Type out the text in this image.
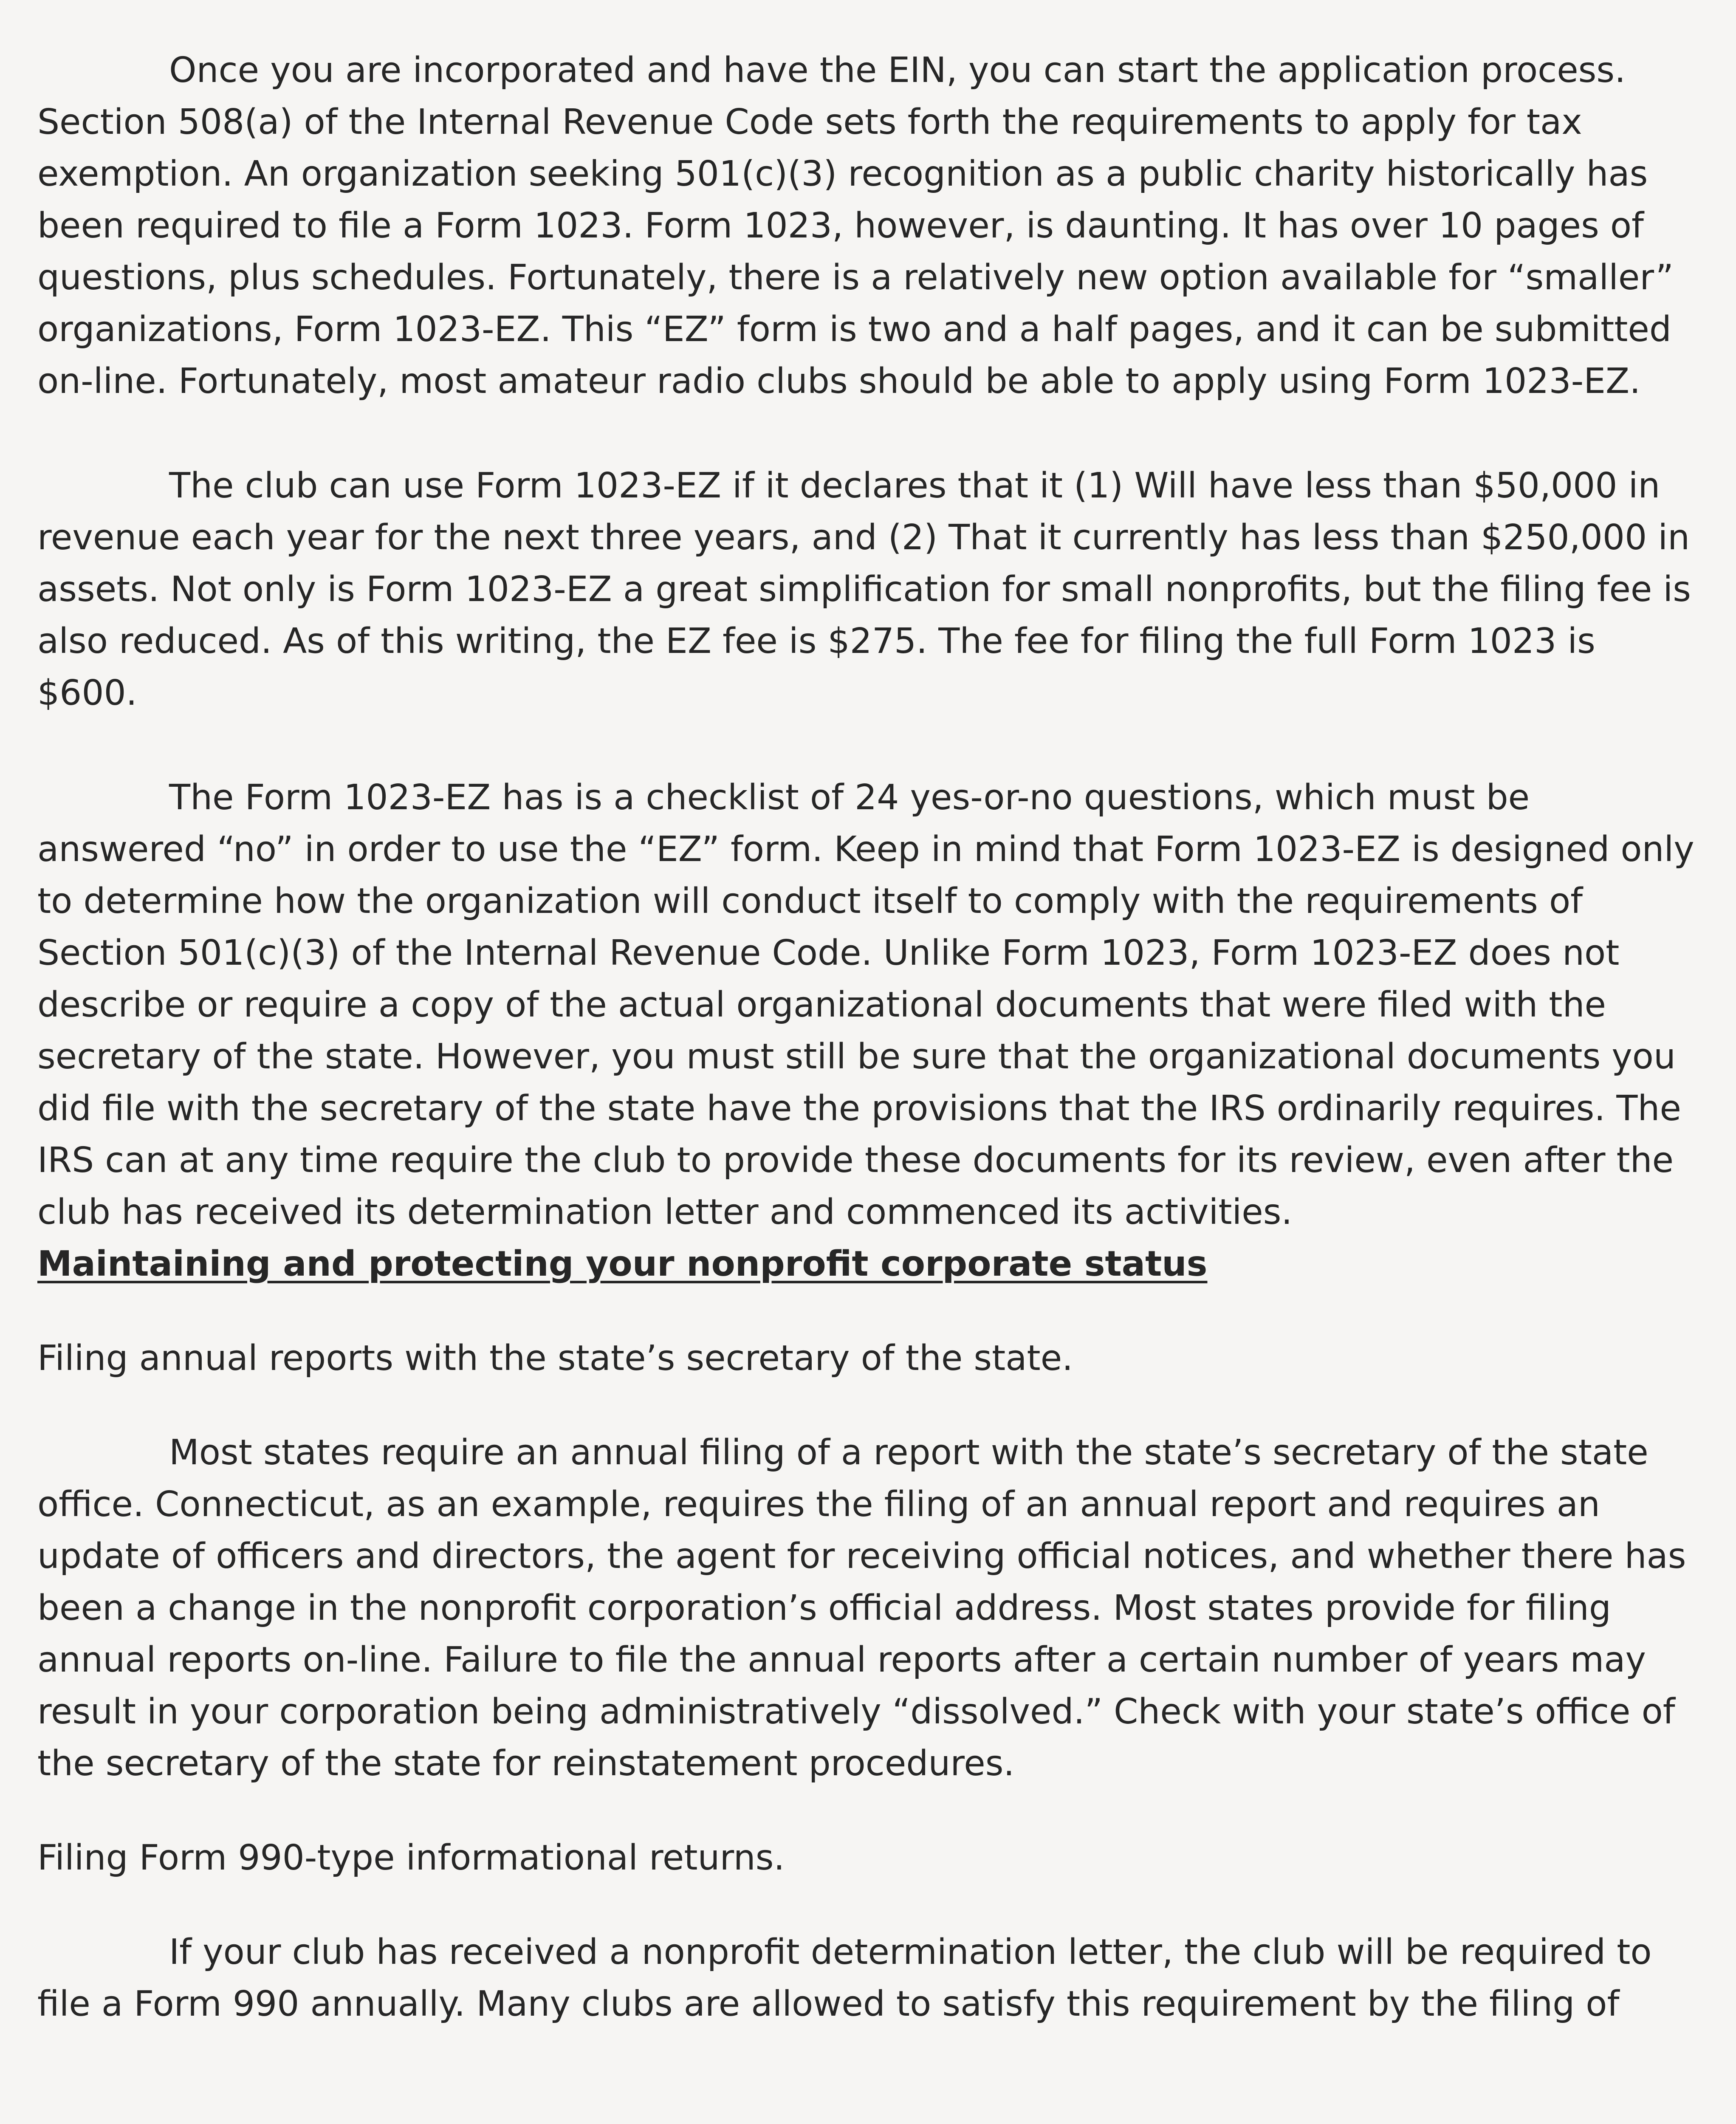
Once you are incorporated and have the EIN, you can start the application process. Section 508(a) of the Internal Revenue Code sets forth the requirements to apply for tax exemption. An organization seeking 501(c)(3) recognition as a public charity historically has been required to file a Form 1023. Form 1023, however, is daunting. It has over 10 pages of questions, plus schedules. Fortunately, there is a relatively new option available for “smaller” organizations, Form 1023-EZ. This “EZ” form is two and a half pages, and it can be submitted on-line. Fortunately, most amateur radio clubs should be able to apply using Form 1023-EZ.

The club can use Form 1023-EZ if it declares that it (1) Will have less than $50,000 in revenue each year for the next three years, and (2) That it currently has less than $250,000 in assets. Not only is Form 1023-EZ a great simplification for small nonprofits, but the filing fee is also reduced. As of this writing, the EZ fee is $275. The fee for filing the full Form 1023 is $600.

The Form 1023-EZ has is a checklist of 24 yes-or-no questions, which must be answered “no” in order to use the “EZ” form. Keep in mind that Form 1023-EZ is designed only to determine how the organization will conduct itself to comply with the requirements of Section 501(c)(3) of the Internal Revenue Code. Unlike Form 1023, Form 1023-EZ does not describe or require a copy of the actual organizational documents that were filed with the secretary of the state. However, you must still be sure that the organizational documents you did file with the secretary of the state have the provisions that the IRS ordinarily requires. The IRS can at any time require the club to provide these documents for its review, even after the club has received its determination letter and commenced its activities.

Maintaining and protecting your nonprofit corporate status

Filing annual reports with the state’s secretary of the state.

Most states require an annual filing of a report with the state’s secretary of the state office. Connecticut, as an example, requires the filing of an annual report and requires an update of officers and directors, the agent for receiving official notices, and whether there has been a change in the nonprofit corporation’s official address. Most states provide for filing annual reports on-line. Failure to file the annual reports after a certain number of years may result in your corporation being administratively “dissolved.” Check with your state’s office of the secretary of the state for reinstatement procedures.

Filing Form 990-type informational returns.

If your club has received a nonprofit determination letter, the club will be required to file a Form 990 annually. Many clubs are allowed to satisfy this requirement by the filing of
